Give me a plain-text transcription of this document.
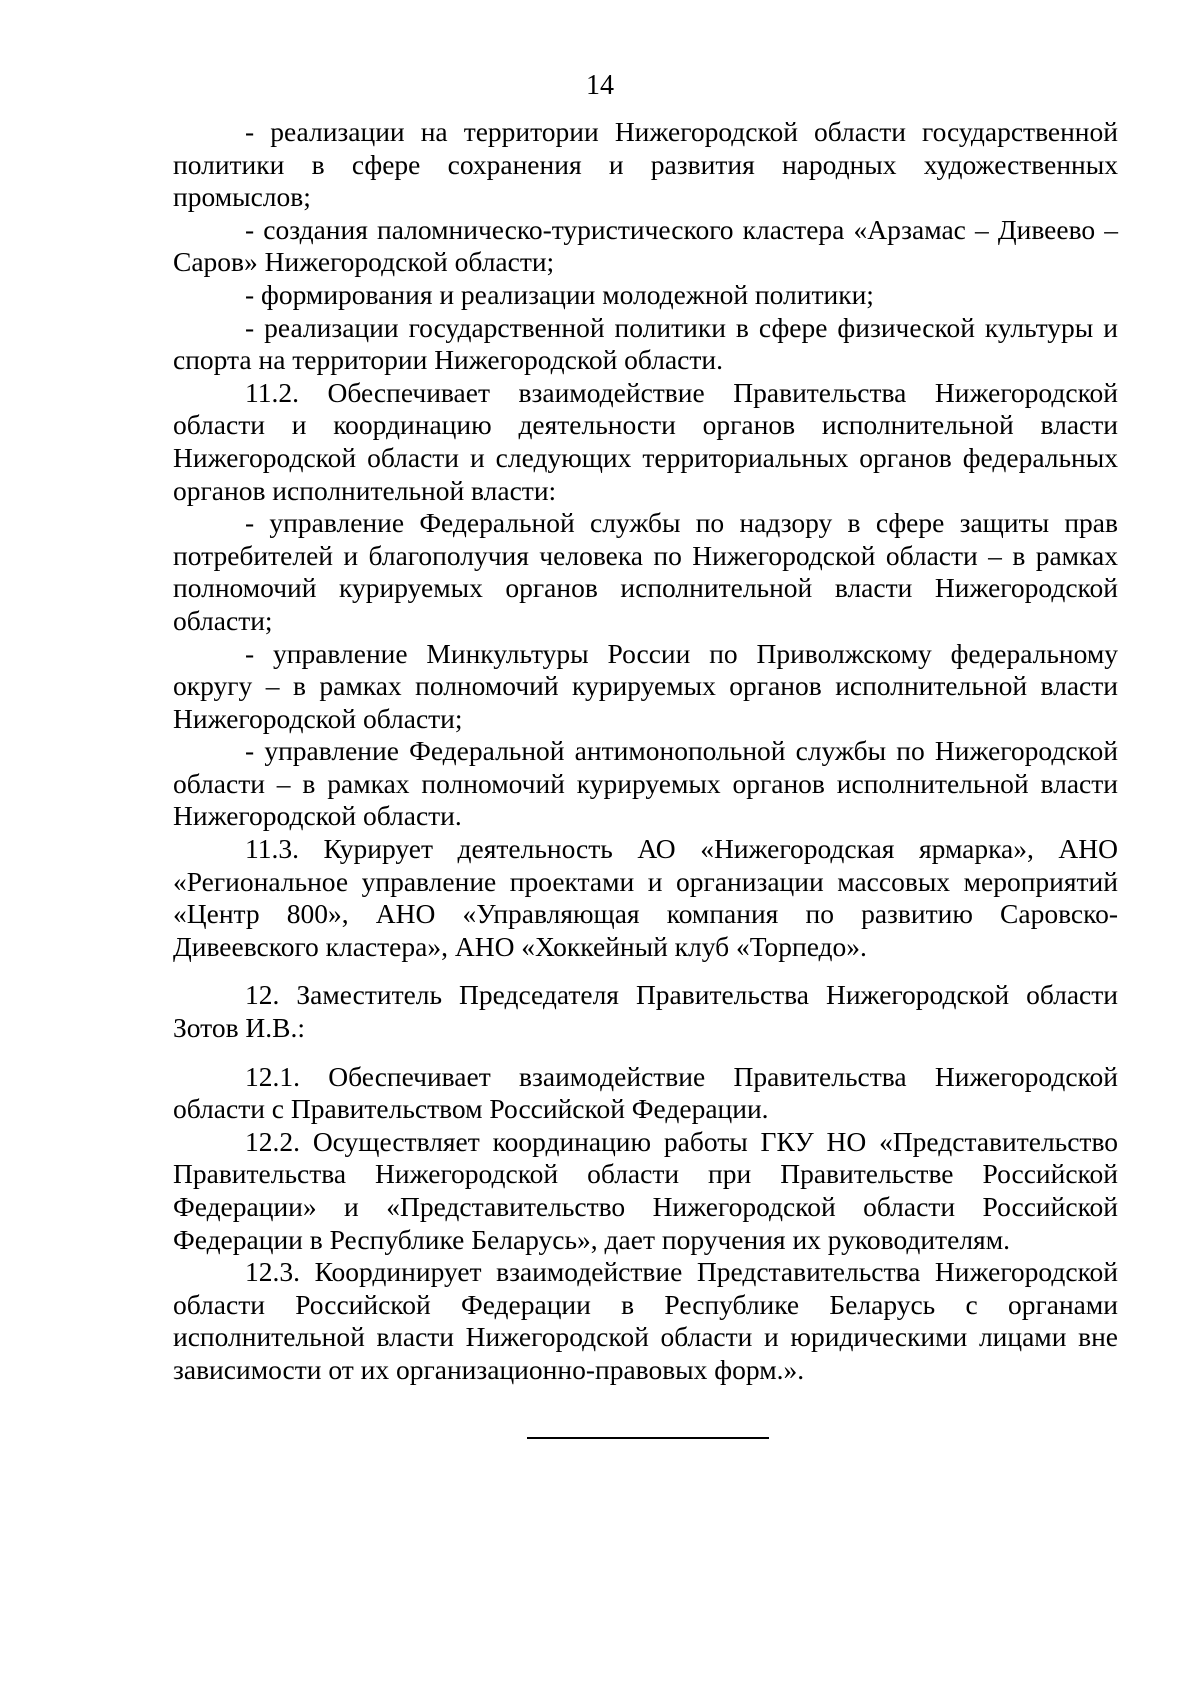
14

- реализации на территории Нижегородской области государственной политики в сфере сохранения и развития народных художественных промыслов;

- создания паломническо-туристического кластера «Арзамас – Дивеево – Саров» Нижегородской области;

- формирования и реализации молодежной политики;

- реализации государственной политики в сфере физической культуры и спорта на территории Нижегородской области.

11.2. Обеспечивает взаимодействие Правительства Нижегородской области и координацию деятельности органов исполнительной власти Нижегородской области и следующих территориальных органов федеральных органов исполнительной власти:

- управление Федеральной службы по надзору в сфере защиты прав потребителей и благополучия человека по Нижегородской области – в рамках полномочий курируемых органов исполнительной власти Нижегородской области;

- управление Минкультуры России по Приволжскому федеральному округу – в рамках полномочий курируемых органов исполнительной власти Нижегородской области;

- управление Федеральной антимонопольной службы по Нижегородской области – в рамках полномочий курируемых органов исполнительной власти Нижегородской области.

11.3. Курирует деятельность АО «Нижегородская ярмарка», АНО «Региональное управление проектами и организации массовых мероприятий «Центр 800», АНО «Управляющая компания по развитию Саровско-Дивеевского кластера», АНО «Хоккейный клуб «Торпедо».

12. Заместитель Председателя Правительства Нижегородской области Зотов И.В.:

12.1. Обеспечивает взаимодействие Правительства Нижегородской области с Правительством Российской Федерации.

12.2. Осуществляет координацию работы ГКУ НО «Представительство Правительства Нижегородской области при Правительстве Российской Федерации» и «Представительство Нижегородской области Российской Федерации в Республике Беларусь», дает поручения их руководителям.

12.3. Координирует взаимодействие Представительства Нижегородской области Российской Федерации в Республике Беларусь с органами исполнительной власти Нижегородской области и юридическими лицами вне зависимости от их организационно-правовых форм.».
